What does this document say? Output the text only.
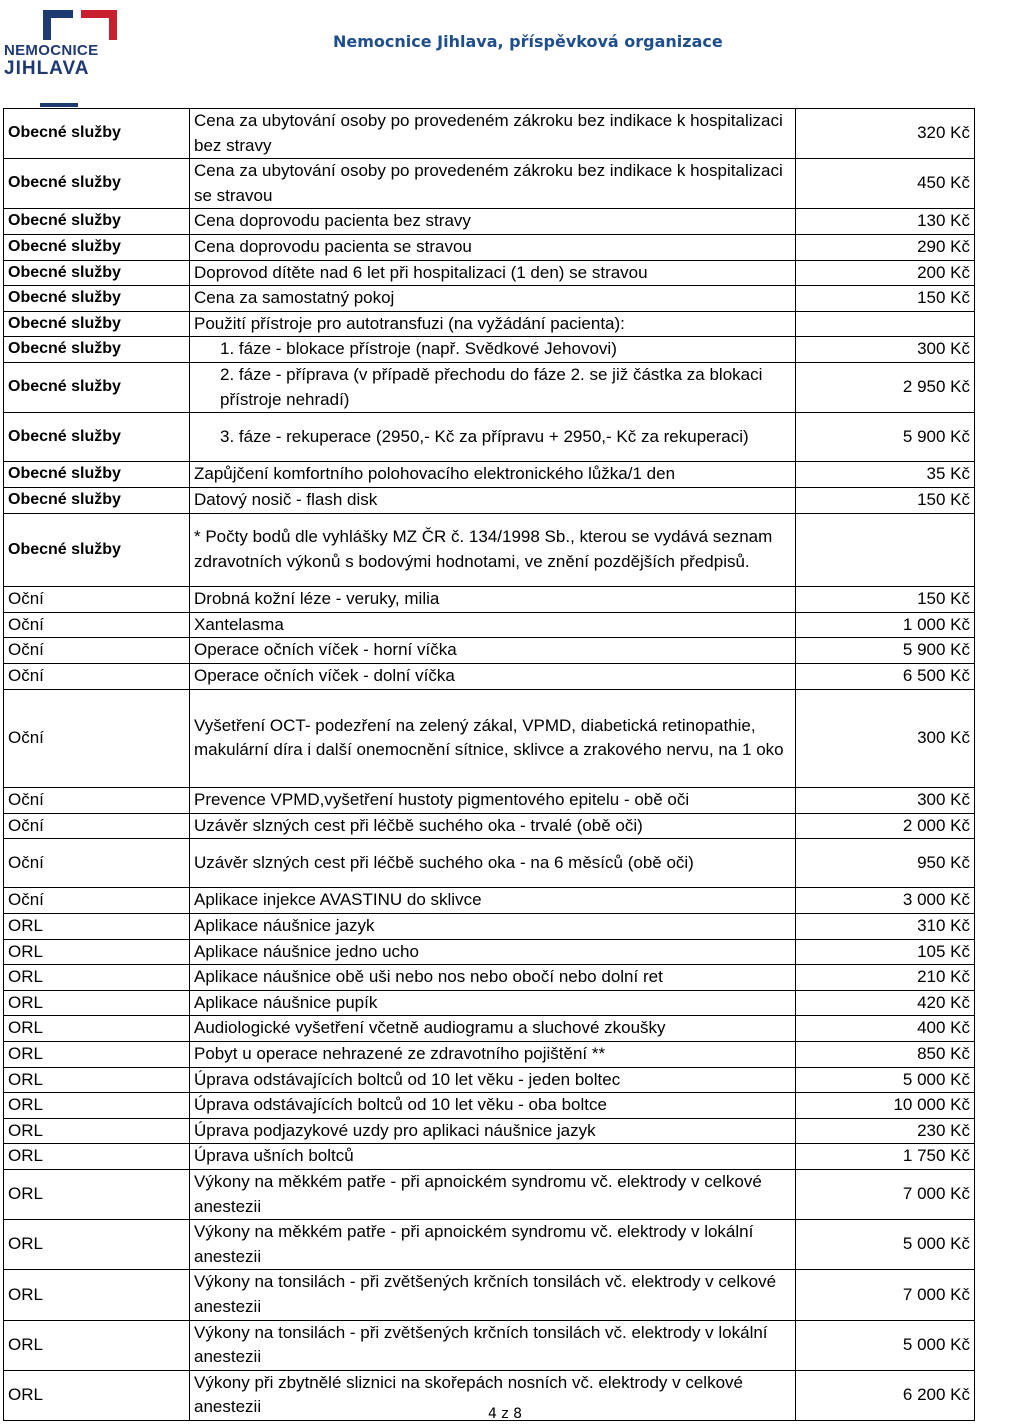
NEMOCNICE
JIHLAVA
Nemocnice Jihlava, příspěvková organizace
Obecné služby	Cena za ubytování osoby po provedeném zákroku bez indikace k hospitalizaci bez stravy	320 Kč
Obecné služby	Cena za ubytování osoby po provedeném zákroku bez indikace k hospitalizaci se stravou	450 Kč
Obecné služby	Cena doprovodu pacienta bez stravy	130 Kč
Obecné služby	Cena doprovodu pacienta se stravou	290 Kč
Obecné služby	Doprovod dítěte nad 6 let při hospitalizaci (1 den) se stravou	200 Kč
Obecné služby	Cena za samostatný pokoj	150 Kč
Obecné služby	Použití přístroje pro autotransfuzi (na vyžádání pacienta):	
Obecné služby	1. fáze - blokace přístroje (např. Svědkové Jehovovi)	300 Kč
Obecné služby	2. fáze - příprava (v případě přechodu do fáze 2. se již částka za blokaci přístroje nehradí)	2 950 Kč
Obecné služby	3. fáze - rekuperace (2950,- Kč za přípravu + 2950,- Kč za rekuperaci)	5 900 Kč
Obecné služby	Zapůjčení komfortního polohovacího elektronického lůžka/1 den	35 Kč
Obecné služby	Datový nosič - flash disk	150 Kč
Obecné služby	* Počty bodů dle vyhlášky MZ ČR č. 134/1998 Sb., kterou se vydává seznam zdravotních výkonů s bodovými hodnotami, ve znění pozdějších předpisů.	
Oční	Drobná kožní léze - veruky, milia	150 Kč
Oční	Xantelasma	1 000 Kč
Oční	Operace očních víček - horní víčka	5 900 Kč
Oční	Operace očních víček - dolní víčka	6 500 Kč
Oční	Vyšetření OCT- podezření na zelený zákal, VPMD, diabetická retinopathie, makulární díra i další onemocnění sítnice, sklivce a zrakového nervu, na 1 oko	300 Kč
Oční	Prevence VPMD,vyšetření hustoty pigmentového epitelu - obě oči	300 Kč
Oční	Uzávěr slzných cest při léčbě suchého oka - trvalé (obě oči)	2 000 Kč
Oční	Uzávěr slzných cest při léčbě suchého oka - na 6 měsíců (obě oči)	950 Kč
Oční	Aplikace injekce AVASTINU do sklivce	3 000 Kč
ORL	Aplikace náušnice jazyk	310 Kč
ORL	Aplikace náušnice jedno ucho	105 Kč
ORL	Aplikace náušnice obě uši nebo nos nebo obočí nebo dolní ret	210 Kč
ORL	Aplikace náušnice pupík	420 Kč
ORL	Audiologické vyšetření včetně audiogramu a sluchové zkoušky	400 Kč
ORL	Pobyt u operace nehrazené ze zdravotního pojištění **	850 Kč
ORL	Úprava odstávajících boltců od 10 let věku - jeden boltec	5 000 Kč
ORL	Úprava odstávajících boltců od 10 let věku - oba boltce	10 000 Kč
ORL	Úprava podjazykové uzdy pro aplikaci náušnice jazyk	230 Kč
ORL	Úprava ušních boltců	1 750 Kč
ORL	Výkony na měkkém patře - při apnoickém syndromu vč. elektrody v celkové anestezii	7 000 Kč
ORL	Výkony na měkkém patře - při apnoickém syndromu vč. elektrody v lokální anestezii	5 000 Kč
ORL	Výkony na tonsilách - při zvětšených krčních tonsilách vč. elektrody v celkové anestezii	7 000 Kč
ORL	Výkony na tonsilách - při zvětšených krčních tonsilách vč. elektrody v lokální anestezii	5 000 Kč
ORL	Výkony při zbytnělé sliznici na skořepách nosních vč. elektrody v celkové anestezii	6 200 Kč
4 z 8
